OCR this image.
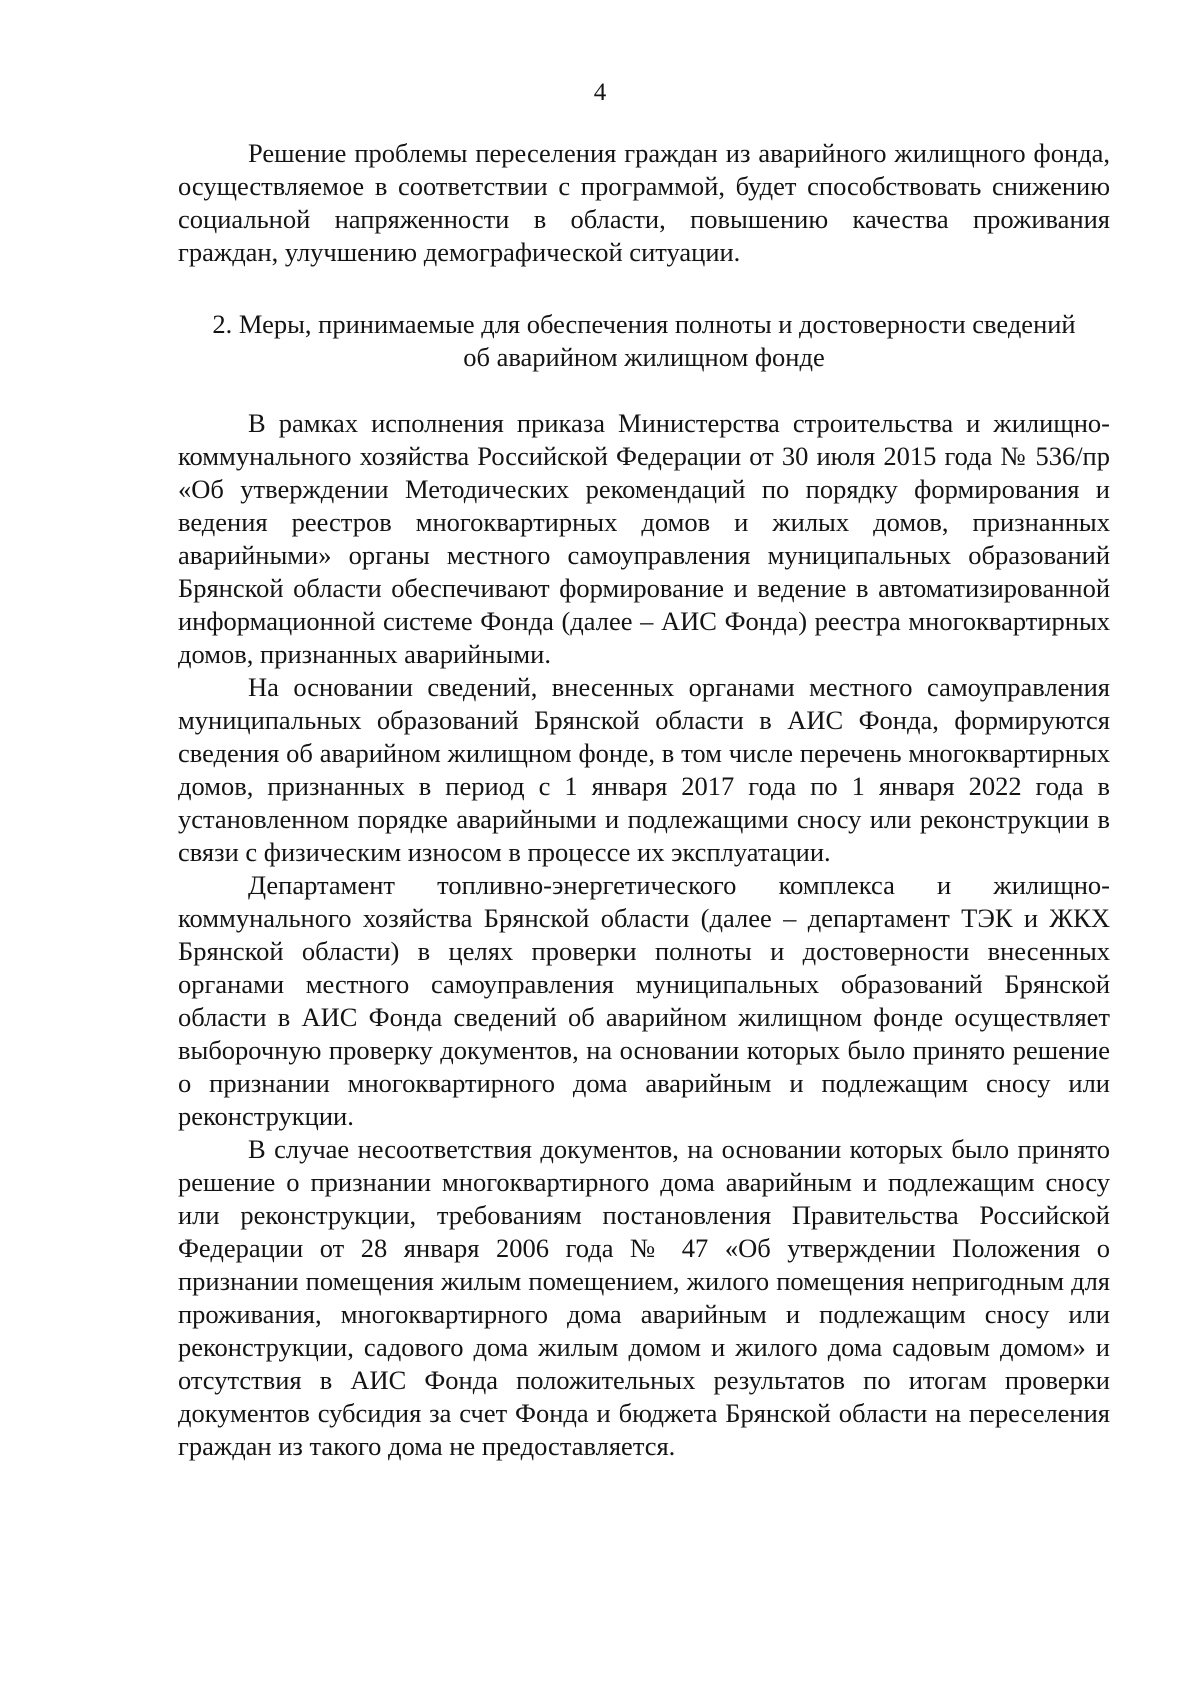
4

Решение проблемы переселения граждан из аварийного жилищного фонда, осуществляемое в соответствии с программой, будет способствовать снижению социальной напряженности в области, повышению качества проживания граждан, улучшению демографической ситуации.

2. Меры, принимаемые для обеспечения полноты и достоверности сведений
об аварийном жилищном фонде

В рамках исполнения приказа Министерства строительства и жилищно-коммунального хозяйства Российской Федерации от 30 июля 2015 года № 536/пр «Об утверждении Методических рекомендаций по порядку формирования и ведения реестров многоквартирных домов и жилых домов, признанных аварийными» органы местного самоуправления муниципальных образований Брянской области обеспечивают формирование и ведение в автоматизированной информационной системе Фонда (далее – АИС Фонда) реестра многоквартирных домов, признанных аварийными.

На основании сведений, внесенных органами местного самоуправления муниципальных образований Брянской области в АИС Фонда, формируются сведения об аварийном жилищном фонде, в том числе перечень многоквартирных домов, признанных в период с 1 января 2017 года по 1 января 2022 года в установленном порядке аварийными и подлежащими сносу или реконструкции в связи с физическим износом в процессе их эксплуатации.

Департамент топливно-энергетического комплекса и жилищно-коммунального хозяйства Брянской области (далее – департамент ТЭК и ЖКХ Брянской области) в целях проверки полноты и достоверности внесенных органами местного самоуправления муниципальных образований Брянской области в АИС Фонда сведений об аварийном жилищном фонде осуществляет выборочную проверку документов, на основании которых было принято решение о признании многоквартирного дома аварийным и подлежащим сносу или реконструкции.

В случае несоответствия документов, на основании которых было принято решение о признании многоквартирного дома аварийным и подлежащим сносу или реконструкции, требованиям постановления Правительства Российской Федерации от 28 января 2006 года № 47 «Об утверждении Положения о признании помещения жилым помещением, жилого помещения непригодным для проживания, многоквартирного дома аварийным и подлежащим сносу или реконструкции, садового дома жилым домом и жилого дома садовым домом» и отсутствия в АИС Фонда положительных результатов по итогам проверки документов субсидия за счет Фонда и бюджета Брянской области на переселения граждан из такого дома не предоставляется.
